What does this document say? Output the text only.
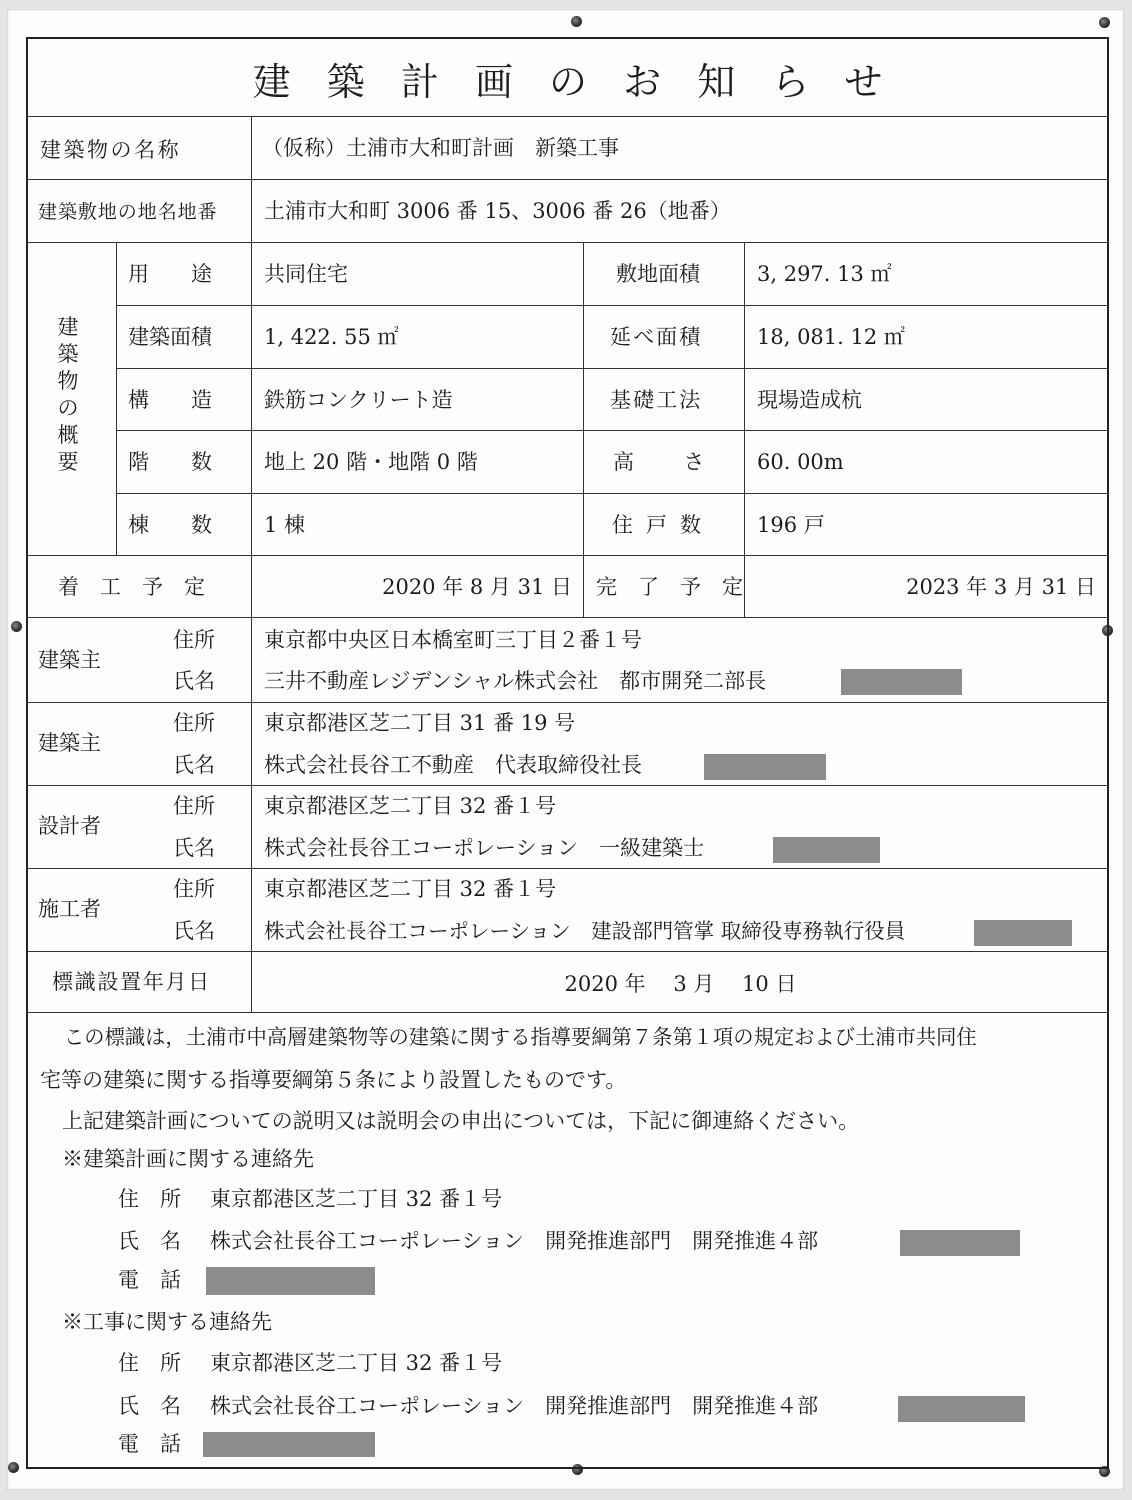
建築計画のお知らせ
建築物の名称	（仮称）土浦市大和町計画　新築工事
建築敷地の地名地番 土浦市大和町 3006 番 15、3006 番 26（地番）
建
築
物
の
概
要
用　　途 共同住宅	敷地面積	3, 297. 13 ㎡
建築面積 1, 422. 55 ㎡	延べ面積	18, 081. 12 ㎡
構　　造 鉄筋コンクリート造	基礎工法	現場造成杭
階　　数 地上 20 階・地階 0 階	高　　さ 60. 00m
棟　　数 1 棟	住 戸 数	196 戸
着　工　予　定	2020 年 8 月 31 日 完　了　予　定	2023 年 3 月 31 日
建築主
住所 東京都中央区日本橋室町三丁目２番１号
氏名 三井不動産レジデンシャル株式会社　都市開発二部長
建築主
住所 東京都港区芝二丁目 31 番 19 号
氏名 株式会社長谷工不動産　代表取締役社長
設計者
住所 東京都港区芝二丁目 32 番１号
氏名 株式会社長谷工コーポレーション　一級建築士
施工者
住所 東京都港区芝二丁目 32 番１号
氏名 株式会社長谷工コーポレーション　建設部門管掌 取締役専務執行役員
標識設置年月日	2020 年　 3 月　 10 日
この標識は，土浦市中高層建築物等の建築に関する指導要綱第７条第１項の規定および土浦市共同住
宅等の建築に関する指導要綱第５条により設置したものです。
上記建築計画についての説明又は説明会の申出については，下記に御連絡ください。
※建築計画に関する連絡先
住　所 東京都港区芝二丁目 32 番１号
氏　名 株式会社長谷工コーポレーション　開発推進部門　開発推進４部
電　話
※工事に関する連絡先
住　所 東京都港区芝二丁目 32 番１号
氏　名 株式会社長谷工コーポレーション　開発推進部門　開発推進４部
電　話
